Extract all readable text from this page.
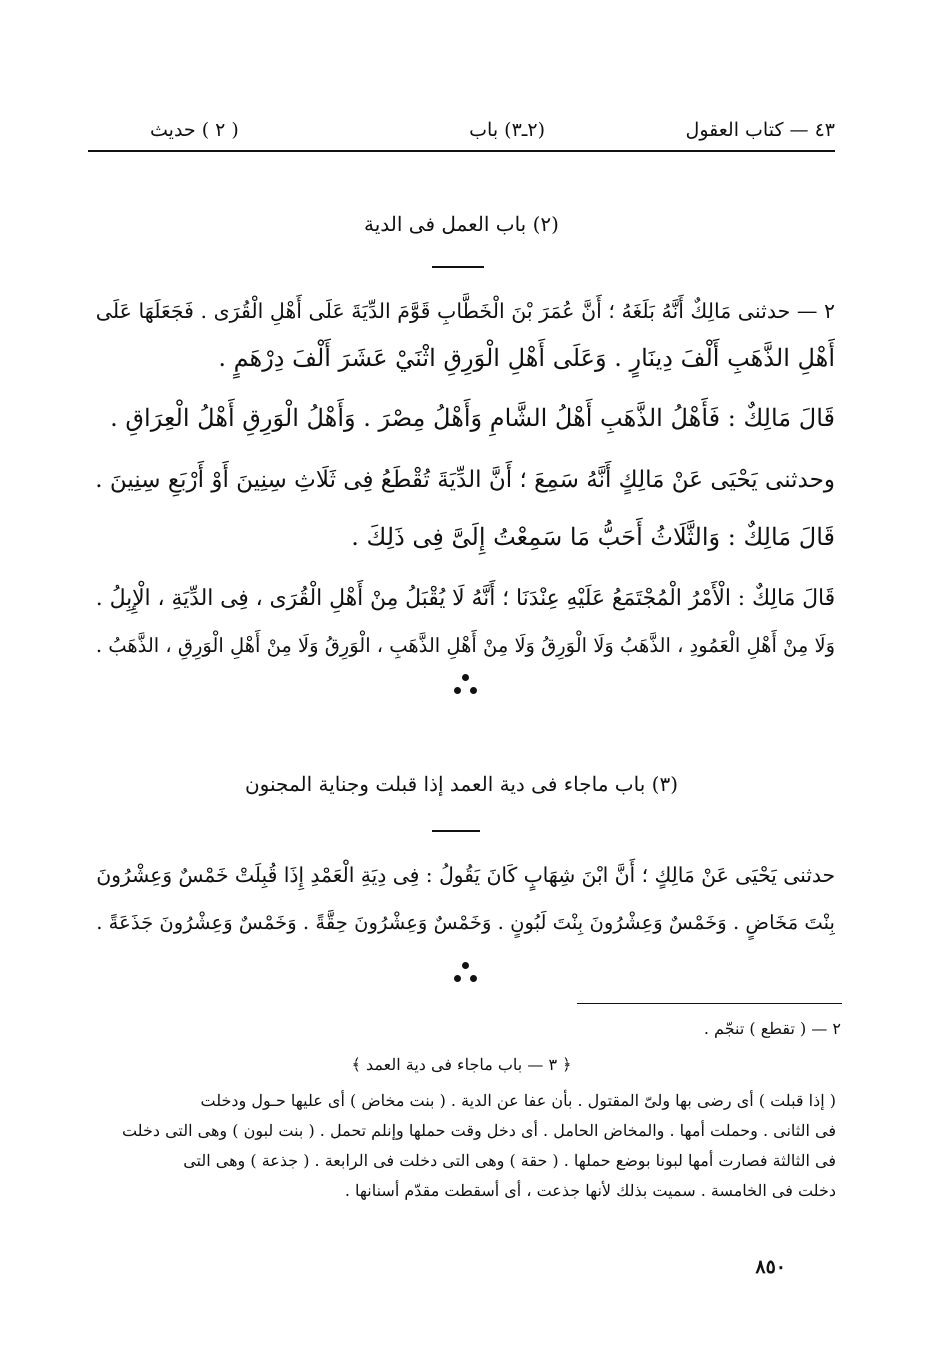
٤٣ — كتاب العقول
(٢ـ٣) باب
( ٢ ) حديث
(٢) باب العمل فى الدية
٢ — حدثنى مَالِكٌ أَنَّهُ بَلَغَهُ ؛ أَنَّ عُمَرَ بْنَ الْخَطَّابِ قَوَّمَ الدِّيَةَ عَلَى أَهْلِ الْقُرَى . فَجَعَلَهَا عَلَى
أَهْلِ الذَّهَبِ أَلْفَ دِينَارٍ . وَعَلَى أَهْلِ الْوَرِقِ اثْنَيْ عَشَرَ أَلْفَ دِرْهَمٍ .
قَالَ مَالِكٌ : فَأَهْلُ الذَّهَبِ أَهْلُ الشَّامِ وَأَهْلُ مِصْرَ . وَأَهْلُ الْوَرِقِ أَهْلُ الْعِرَاقِ .
وحدثنى يَحْيَى عَنْ مَالِكٍ أَنَّهُ سَمِعَ ؛ أَنَّ الدِّيَةَ تُقْطَعُ فِى ثَلَاثِ سِنِينَ أَوْ أَرْبَعِ سِنِينَ .
قَالَ مَالِكٌ : وَالثَّلَاثُ أَحَبُّ مَا سَمِعْتُ إِلَىَّ فِى ذَلِكَ .
قَالَ مَالِكٌ : الْأَمْرُ الْمُجْتَمَعُ عَلَيْهِ عِنْدَنَا ؛ أَنَّهُ لَا يُقْبَلُ مِنْ أَهْلِ الْقُرَى ، فِى الدِّيَةِ ، الْإِبِلُ .
وَلَا مِنْ أَهْلِ الْعَمُودِ ، الذَّهَبُ وَلَا الْوَرِقُ وَلَا مِنْ أَهْلِ الذَّهَبِ ، الْوَرِقُ وَلَا مِنْ أَهْلِ الْوَرِقِ ، الذَّهَبُ .
(٣) باب ماجاء فى دية العمد إذا قبلت وجناية المجنون
حدثنى يَحْيَى عَنْ مَالِكٍ ؛ أَنَّ ابْنَ شِهَابٍ كَانَ يَقُولُ : فِى دِيَةِ الْعَمْدِ إِذَا قُبِلَتْ خَمْسٌ وَعِشْرُونَ
بِنْتَ مَخَاضٍ . وَخَمْسٌ وَعِشْرُونَ بِنْتَ لَبُونٍ . وَخَمْسٌ وَعِشْرُونَ حِقَّةً . وَخَمْسٌ وَعِشْرُونَ جَذَعَةً .
٢ — ( تقطع ) تنجّم .
﴿ ٣ — باب ماجاء فى دية العمد ﴾
( إذا قبلت ) أى رضى بها ولىّ المقتول . بأن عفا عن الدية . ( بنت مخاض ) أى عليها حـول ودخلت
فى الثانى . وحملت أمها . والمخاض الحامل . أى دخل وقت حملها وإنلم تحمل . ( بنت لبون ) وهى التى دخلت
فى الثالثة فصارت أمها لبونا بوضع حملها . ( حقة ) وهى التى دخلت فى الرابعة . ( جذعة ) وهى التى
دخلت فى الخامسة . سميت بذلك لأنها جذعت ، أى أسقطت مقدّم أسنانها .
٨٥٠
